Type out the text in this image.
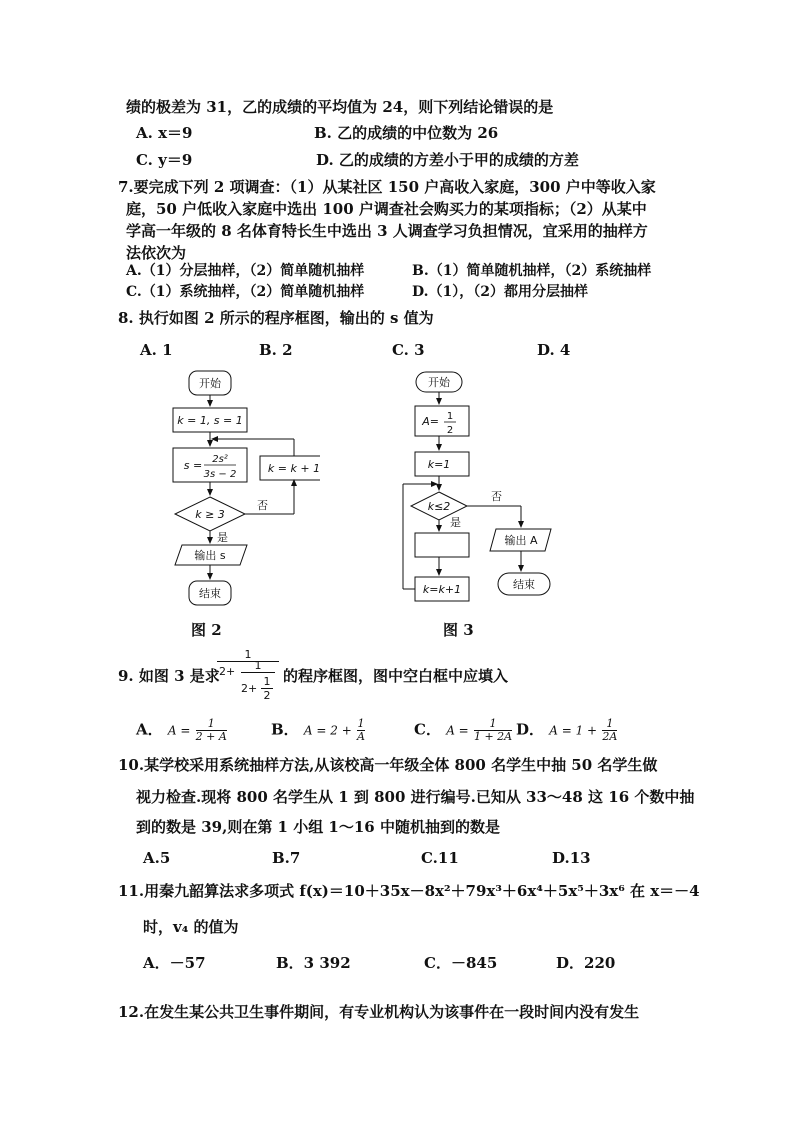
绩的极差为 31，乙的成绩的平均值为 24，则下列结论错误的是
A. x＝9	B. 乙的成绩的中位数为 26
C. y＝9	D. 乙的成绩的方差小于甲的成绩的方差
7.要完成下列 2 项调查：（1）从某社区 150 户高收入家庭，300 户中等收入家
庭，50 户低收入家庭中选出 100 户调查社会购买力的某项指标；（2）从某中
学高一年级的 8 名体育特长生中选出 3 人调查学习负担情况，宜采用的抽样方
法依次为
A.（1）分层抽样，（2）简单随机抽样	B.（1）简单随机抽样，（2）系统抽样
C.（1）系统抽样，（2）简单随机抽样	D.（1），（2）都用分层抽样
8. 执行如图 2 所示的程序框图，输出的 s 值为
A. 1	B. 2	C. 3	D. 4
开始
k = 1, s = 1
s = 2s²
3s − 2	k = k + 1
k ≥ 3
否
是
输出 s
结束
开始
A= 1
2
k=1
k≤2
否
是
输出 A
结束
k=k+1
图 2	图 3
9. 如图 3 是求
1
2+	1
2+
1
2
的程序框图，图中空白框中应填入
A． $A = \frac{1}{2 + A}$	B． $A = 2 + \frac{1}{A}$	C． $A = \frac{1}{1 + 2A}$ D． $A = 1 + \frac{1}{2A}$
10.某学校采用系统抽样方法,从该校高一年级全体 800 名学生中抽 50 名学生做
视力检查.现将 800 名学生从 1 到 800 进行编号.已知从 33～48 这 16 个数中抽
到的数是 39,则在第 1 小组 1～16 中随机抽到的数是
A.5	B.7	C.11	D.13
11.用秦九韶算法求多项式 f(x)＝10＋35x－8x²＋79x³＋6x⁴＋5x⁵＋3x⁶ 在 x＝－4
时，v₄ 的值为
A．－57	B．3 392	C．－845	D．220
12.在发生某公共卫生事件期间，有专业机构认为该事件在一段时间内没有发生
